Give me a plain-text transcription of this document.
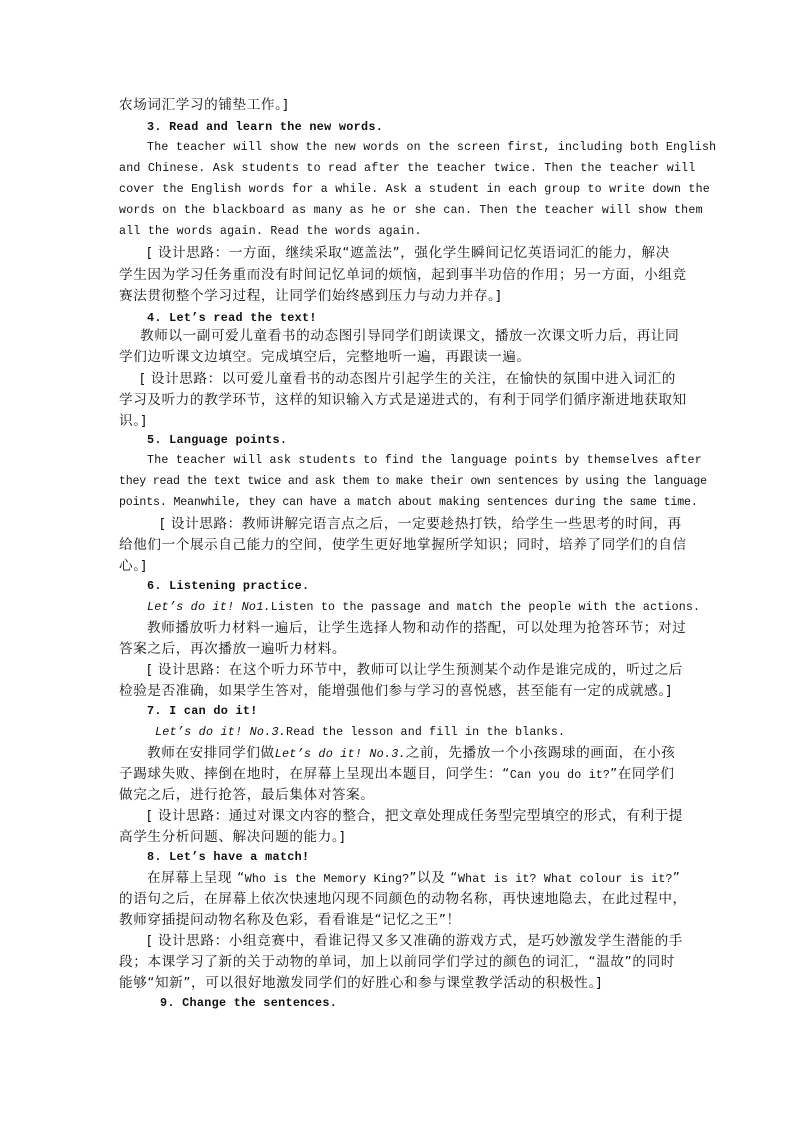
农场词汇学习的铺垫工作。]
3. Read and learn the new words.
The teacher will show the new words on the screen first, including both English
and Chinese. Ask students to read after the teacher twice. Then the teacher will
cover the English words for a while. Ask a student in each group to write down the
words on the blackboard as many as he or she can. Then the teacher will show them
all the words again. Read the words again.
[ 设计思路：一方面，继续采取“遮盖法”，强化学生瞬间记忆英语词汇的能力，解决
学生因为学习任务重而没有时间记忆单词的烦恼，起到事半功倍的作用；另一方面，小组竞
赛法贯彻整个学习过程，让同学们始终感到压力与动力并存。]
4. Let’s read the text!
教师以一副可爱儿童看书的动态图引导同学们朗读课文，播放一次课文听力后，再让同
学们边听课文边填空。完成填空后，完整地听一遍，再跟读一遍。
[ 设计思路：以可爱儿童看书的动态图片引起学生的关注，在愉快的氛围中进入词汇的
学习及听力的教学环节，这样的知识输入方式是递进式的，有利于同学们循序渐进地获取知
识。]
5. Language points.
The teacher will ask students to find the language points by themselves after
they read the text twice and ask them to make their own sentences by using the language
points. Meanwhile, they can have a match about making sentences during the same time.
[ 设计思路：教师讲解完语言点之后，一定要趁热打铁，给学生一些思考的时间，再
给他们一个展示自己能力的空间，使学生更好地掌握所学知识；同时，培养了同学们的自信
心。]
6. Listening practice.
Let’s do it! No1.Listen to the passage and match the people with the actions.
教师播放听力材料一遍后，让学生选择人物和动作的搭配，可以处理为抢答环节；对过
答案之后，再次播放一遍听力材料。
[ 设计思路：在这个听力环节中，教师可以让学生预测某个动作是谁完成的，听过之后
检验是否准确，如果学生答对，能增强他们参与学习的喜悦感，甚至能有一定的成就感。]
7. I can do it!
Let’s do it! No.3.Read the lesson and fill in the blanks.
教师在安排同学们做Let’s do it! No.3.之前，先播放一个小孩踢球的画面，在小孩
子踢球失败、摔倒在地时，在屏幕上呈现出本题目，问学生：“Can you do it?”在同学们
做完之后，进行抢答，最后集体对答案。
[ 设计思路：通过对课文内容的整合，把文章处理成任务型完型填空的形式，有利于提
高学生分析问题、解决问题的能力。]
8. Let’s have a match!
在屏幕上呈现 “Who is the Memory King?”以及 “What is it? What colour is it?”
的语句之后，在屏幕上依次快速地闪现不同颜色的动物名称，再快速地隐去，在此过程中，
教师穿插提问动物名称及色彩，看看谁是“记忆之王”！
[ 设计思路：小组竞赛中，看谁记得又多又准确的游戏方式，是巧妙激发学生潜能的手
段；本课学习了新的关于动物的单词，加上以前同学们学过的颜色的词汇，“温故”的同时
能够“知新”，可以很好地激发同学们的好胜心和参与课堂教学活动的积极性。]
9. Change the sentences.
